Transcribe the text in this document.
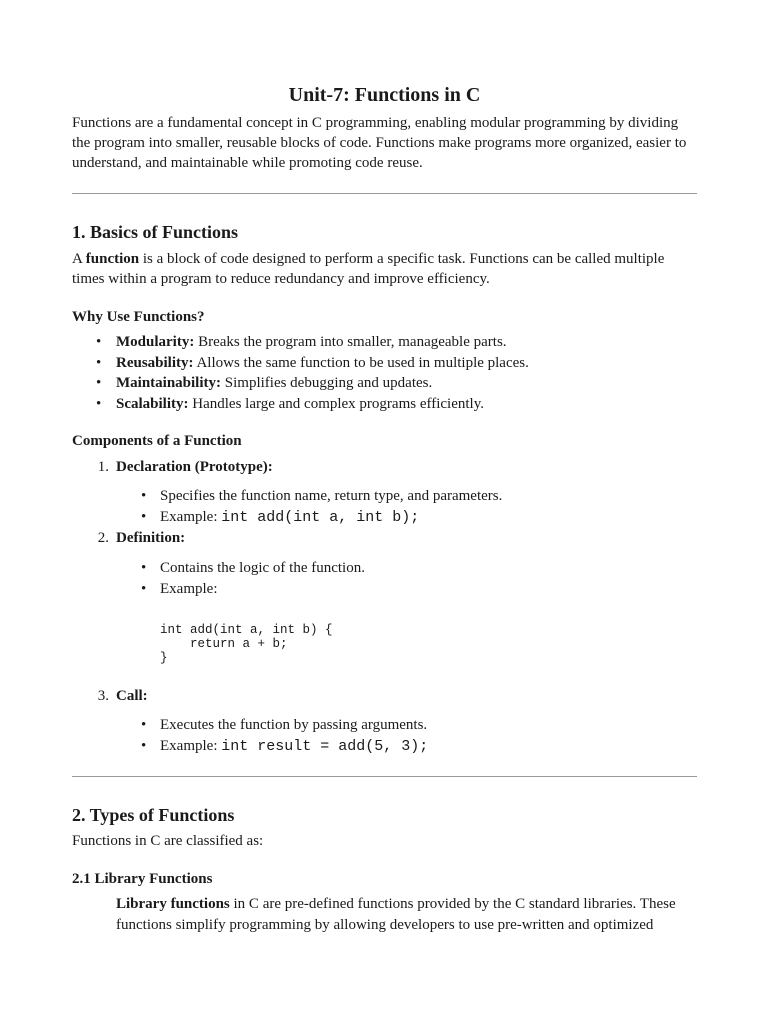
Unit-7: Functions in C

Functions are a fundamental concept in C programming, enabling modular programming by dividing the program into smaller, reusable blocks of code. Functions make programs more organized, easier to understand, and maintainable while promoting code reuse.

1. Basics of Functions

A function is a block of code designed to perform a specific task. Functions can be called multiple times within a program to reduce redundancy and improve efficiency.

Why Use Functions?
• Modularity: Breaks the program into smaller, manageable parts.
• Reusability: Allows the same function to be used in multiple places.
• Maintainability: Simplifies debugging and updates.
• Scalability: Handles large and complex programs efficiently.
Components of a Function
1. Declaration (Prototype):
• Specifies the function name, return type, and parameters.
• Example: int add(int a, int b);
2. Definition:
• Contains the logic of the function.
• Example:
int add(int a, int b) {
return a + b;
}
3. Call:
• Executes the function by passing arguments.
• Example: int result = add(5, 3);
2. Types of Functions

Functions in C are classified as:

2.1 Library Functions

Library functions in C are pre-defined functions provided by the C standard libraries. These functions simplify programming by allowing developers to use pre-written and optimized
